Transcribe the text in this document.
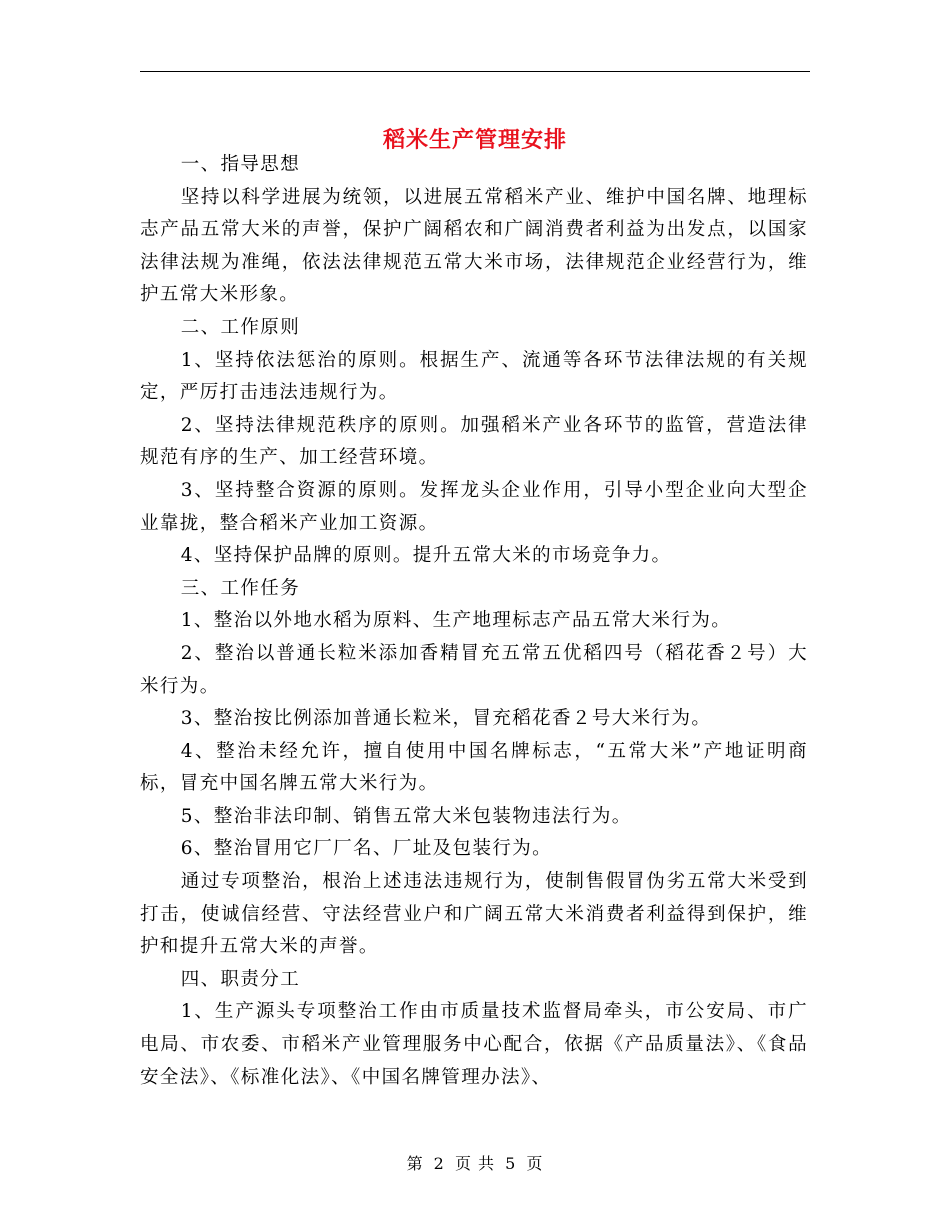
稻米生产管理安排

一、指导思想

坚持以科学进展为统领，以进展五常稻米产业、维护中国名牌、地理标志产品五常大米的声誉，保护广阔稻农和广阔消费者利益为出发点，以国家法律法规为准绳，依法法律规范五常大米市场，法律规范企业经营行为，维护五常大米形象。

二、工作原则

1、坚持依法惩治的原则。根据生产、流通等各环节法律法规的有关规定，严厉打击违法违规行为。

2、坚持法律规范秩序的原则。加强稻米产业各环节的监管，营造法律规范有序的生产、加工经营环境。

3、坚持整合资源的原则。发挥龙头企业作用，引导小型企业向大型企业靠拢，整合稻米产业加工资源。

4、坚持保护品牌的原则。提升五常大米的市场竞争力。

三、工作任务

1、整治以外地水稻为原料、生产地理标志产品五常大米行为。

2、整治以普通长粒米添加香精冒充五常五优稻四号（稻花香２号）大米行为。

3、整治按比例添加普通长粒米，冒充稻花香２号大米行为。

4、整治未经允许，擅自使用中国名牌标志，“五常大米”产地证明商标，冒充中国名牌五常大米行为。

5、整治非法印制、销售五常大米包装物违法行为。

6、整治冒用它厂厂名、厂址及包装行为。

通过专项整治，根治上述违法违规行为，使制售假冒伪劣五常大米受到打击，使诚信经营、守法经营业户和广阔五常大米消费者利益得到保护，维护和提升五常大米的声誉。

四、职责分工

1、生产源头专项整治工作由市质量技术监督局牵头，市公安局、市广电局、市农委、市稻米产业管理服务中心配合，依据《产品质量法》、《食品安全法》、《标准化法》、《中国名牌管理办法》、

第 2 页 共 5 页
